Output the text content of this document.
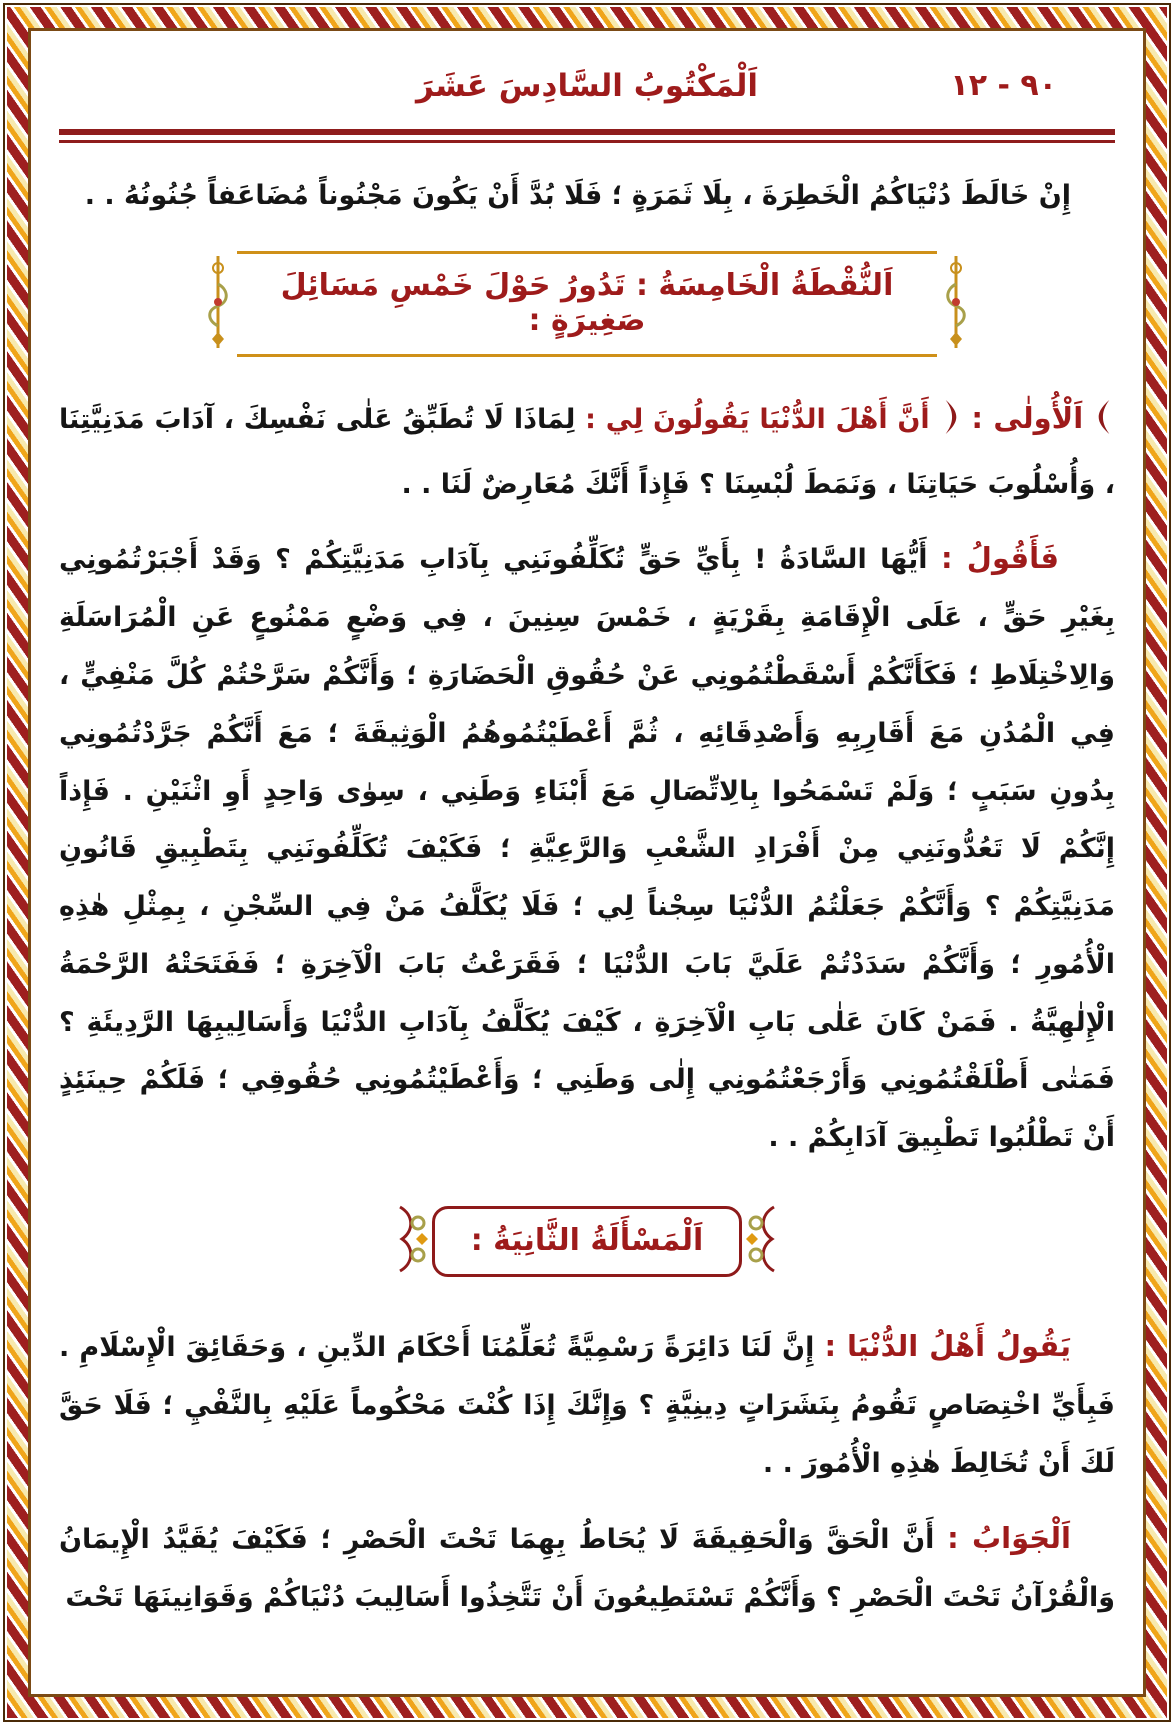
٩٠ - ١٢
اَلْمَكْتُوبُ السَّادِسَ عَشَرَ

إِنْ خَالَطَ دُنْيَاكُمُ الْخَطِرَةَ ، بِلَا ثَمَرَةٍ ؛ فَلَا بُدَّ أَنْ يَكُونَ مَجْنُوناً مُضَاعَفاً جُنُونُهُ . .

اَلنُّقْطَةُ الْخَامِسَةُ : تَدُورُ حَوْلَ خَمْسِ مَسَائِلَ صَغِيرَةٍ :

اَلْأُولٰى :  أَنَّ أَهْلَ الدُّنْيَا يَقُولُونَ لِي : لِمَاذَا لَا تُطَبِّقُ عَلٰى نَفْسِكَ ، آدَابَ مَدَنِيَّتِنَا ، وَأُسْلُوبَ حَيَاتِنَا ، وَنَمَطَ لُبْسِنَا ؟ فَإِذاً أَنَّكَ مُعَارِضٌ لَنَا . .

فَأَقُولُ : أَيُّهَا السَّادَةُ ! بِأَيِّ حَقٍّ تُكَلِّفُونَنِي بِآدَابِ مَدَنِيَّتِكُمْ ؟ وَقَدْ أَجْبَرْتُمُونِي بِغَيْرِ حَقٍّ ، عَلَى الْإِقَامَةِ بِقَرْيَةٍ ، خَمْسَ سِنِينَ ، فِي وَضْعٍ مَمْنُوعٍ عَنِ الْمُرَاسَلَةِ وَالِاخْتِلَاطِ ؛ فَكَأَنَّكُمْ أَسْقَطْتُمُونِي عَنْ حُقُوقِ الْحَضَارَةِ ؛ وَأَنَّكُمْ سَرَّحْتُمْ كُلَّ مَنْفِيٍّ ، فِي الْمُدُنِ مَعَ أَقَارِبِهِ وَأَصْدِقَائِهِ ، ثُمَّ أَعْطَيْتُمُوهُمُ الْوَثِيقَةَ ؛ مَعَ أَنَّكُمْ جَرَّدْتُمُونِي بِدُونِ سَبَبٍ ؛ وَلَمْ تَسْمَحُوا بِالِاتِّصَالِ مَعَ أَبْنَاءِ وَطَنِي ، سِوٰى وَاحِدٍ أَوِ اثْنَيْنِ . فَإِذاً إِنَّكُمْ لَا تَعُدُّونَنِي مِنْ أَفْرَادِ الشَّعْبِ وَالرَّعِيَّةِ ؛ فَكَيْفَ تُكَلِّفُونَنِي بِتَطْبِيقِ قَانُونِ مَدَنِيَّتِكُمْ ؟ وَأَنَّكُمْ جَعَلْتُمُ الدُّنْيَا سِجْناً لِي ؛ فَلَا يُكَلَّفُ مَنْ فِي السِّجْنِ ، بِمِثْلِ هٰذِهِ الْأُمُورِ ؛ وَأَنَّكُمْ سَدَدْتُمْ عَلَيَّ بَابَ الدُّنْيَا ؛ فَقَرَعْتُ بَابَ الْآخِرَةِ ؛ فَفَتَحَتْهُ الرَّحْمَةُ الْإِلٰهِيَّةُ . فَمَنْ كَانَ عَلٰى بَابِ الْآخِرَةِ ، كَيْفَ يُكَلَّفُ بِآدَابِ الدُّنْيَا وَأَسَالِيبِهَا الرَّدِيئَةِ ؟ فَمَتٰى أَطْلَقْتُمُونِي وَأَرْجَعْتُمُونِي إِلٰى وَطَنِي ؛ وَأَعْطَيْتُمُونِي حُقُوقِي ؛ فَلَكُمْ حِينَئِذٍ أَنْ تَطْلُبُوا تَطْبِيقَ آدَابِكُمْ . .

اَلْمَسْأَلَةُ الثَّانِيَةُ :

يَقُولُ أَهْلُ الدُّنْيَا : إِنَّ لَنَا دَائِرَةً رَسْمِيَّةً تُعَلِّمُنَا أَحْكَامَ الدِّينِ ، وَحَقَائِقَ الْإِسْلَامِ . فَبِأَيِّ اخْتِصَاصٍ تَقُومُ بِنَشَرَاتٍ دِينِيَّةٍ ؟ وَإِنَّكَ إِذَا كُنْتَ مَحْكُوماً عَلَيْهِ بِالنَّفْيِ ؛ فَلَا حَقَّ لَكَ أَنْ تُخَالِطَ هٰذِهِ الْأُمُورَ . .

اَلْجَوَابُ : أَنَّ الْحَقَّ وَالْحَقِيقَةَ لَا يُحَاطُ بِهِمَا تَحْتَ الْحَصْرِ ؛ فَكَيْفَ يُقَيَّدُ الْإِيمَانُ وَالْقُرْآنُ تَحْتَ الْحَصْرِ ؟ وَأَنَّكُمْ تَسْتَطِيعُونَ أَنْ تَتَّخِذُوا أَسَالِيبَ دُنْيَاكُمْ وَقَوَانِينَهَا تَحْتَ
